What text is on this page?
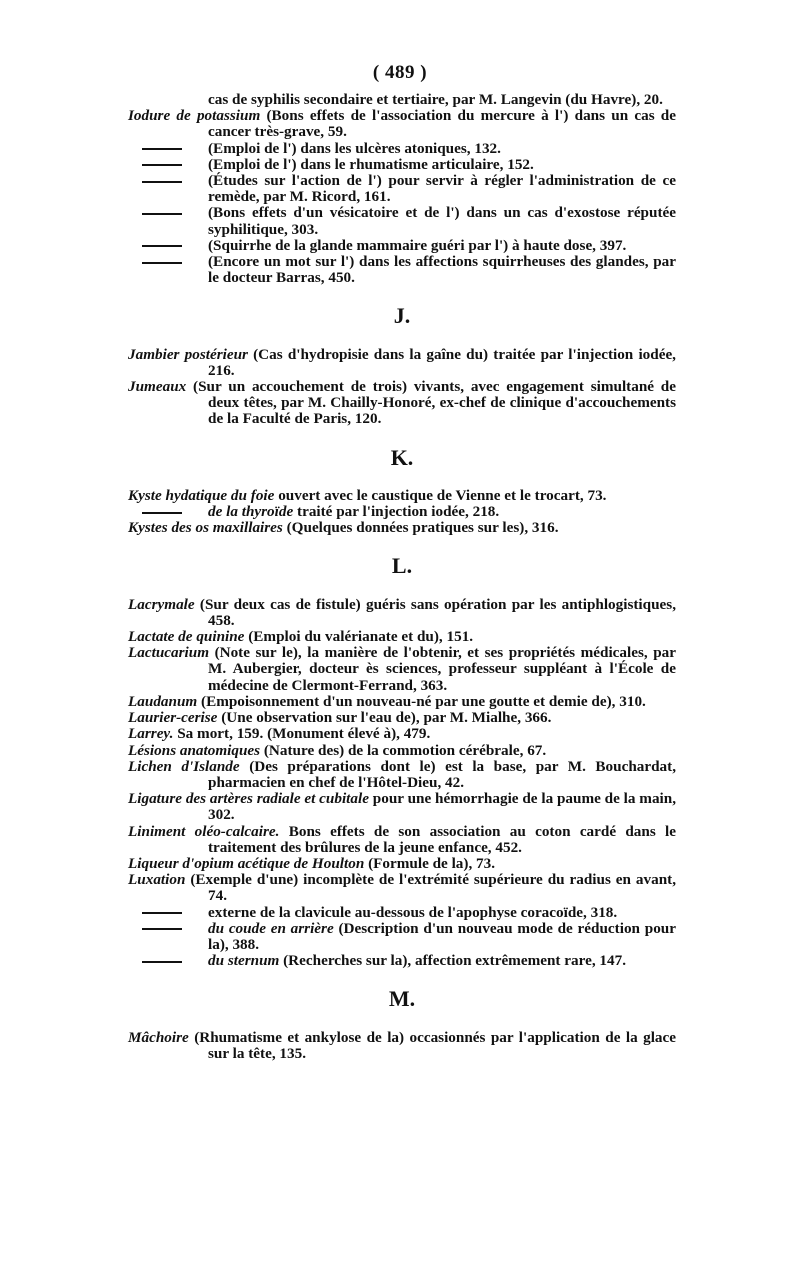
( 489 )

cas de syphilis secondaire et tertiaire, par M. Langevin (du Havre), 20.

Iodure de potassium (Bons effets de l'association du mercure à l') dans un cas de cancer très-grave, 59.

(Emploi de l') dans les ulcères atoniques, 132.

(Emploi de l') dans le rhumatisme articulaire, 152.

(Études sur l'action de l') pour servir à régler l'administration de ce remède, par M. Ricord, 161.

(Bons effets d'un vésicatoire et de l') dans un cas d'exostose réputée syphilitique, 303.

(Squirrhe de la glande mammaire guéri par l') à haute dose, 397.

(Encore un mot sur l') dans les affections squirrheuses des glandes, par le docteur Barras, 450.

J.

Jambier postérieur (Cas d'hydropisie dans la gaîne du) traitée par l'injection iodée, 216.

Jumeaux (Sur un accouchement de trois) vivants, avec engagement simultané de deux têtes, par M. Chailly-Honoré, ex-chef de clinique d'accouchements de la Faculté de Paris, 120.

K.

Kyste hydatique du foie ouvert avec le caustique de Vienne et le trocart, 73.

de la thyroïde traité par l'injection iodée, 218.

Kystes des os maxillaires (Quelques données pratiques sur les), 316.

L.

Lacrymale (Sur deux cas de fistule) guéris sans opération par les antiphlogistiques, 458.

Lactate de quinine (Emploi du valérianate et du), 151.

Lactucarium (Note sur le), la manière de l'obtenir, et ses propriétés médicales, par M. Aubergier, docteur ès sciences, professeur suppléant à l'École de médecine de Clermont-Ferrand, 363.

Laudanum (Empoisonnement d'un nouveau-né par une goutte et demie de), 310.

Laurier-cerise (Une observation sur l'eau de), par M. Mialhe, 366.

Larrey. Sa mort, 159. (Monument élevé à), 479.

Lésions anatomiques (Nature des) de la commotion cérébrale, 67.

Lichen d'Islande (Des préparations dont le) est la base, par M. Bouchardat, pharmacien en chef de l'Hôtel-Dieu, 42.

Ligature des artères radiale et cubitale pour une hémorrhagie de la paume de la main, 302.

Liniment oléo-calcaire. Bons effets de son association au coton cardé dans le traitement des brûlures de la jeune enfance, 452.

Liqueur d'opium acétique de Houlton (Formule de la), 73.

Luxation (Exemple d'une) incomplète de l'extrémité supérieure du radius en avant, 74.

externe de la clavicule au-dessous de l'apophyse coracoïde, 318.

du coude en arrière (Description d'un nouveau mode de réduction pour la), 388.

du sternum (Recherches sur la), affection extrêmement rare, 147.

M.

Mâchoire (Rhumatisme et ankylose de la) occasionnés par l'application de la glace sur la tête, 135.
